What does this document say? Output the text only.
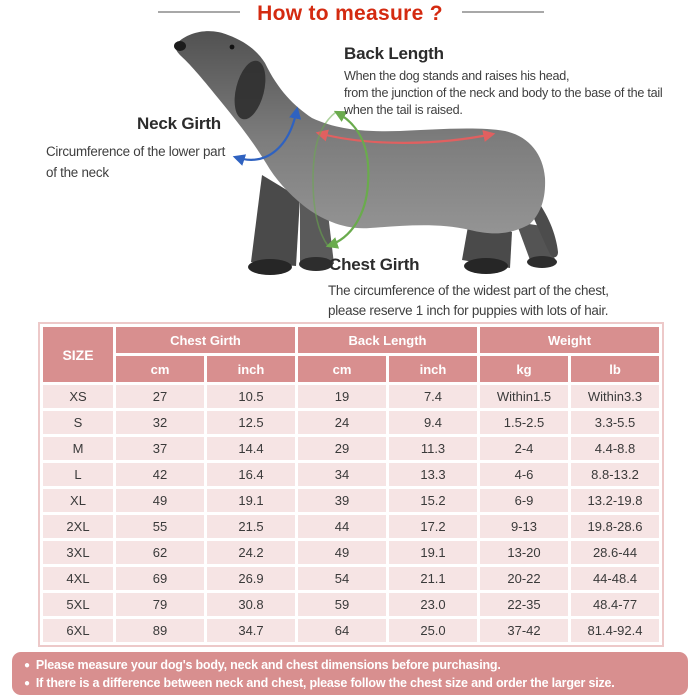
How to measure ?
Back Length
When the dog stands and raises his head,
from the junction of the neck and body to the base of the tail
when the tail is raised.
Neck Girth
Circumference of the lower part
of the neck
Chest Girth
The circumference of the widest part of the chest,
please reserve 1 inch for puppies with lots of hair.
SIZE	Chest Girth		Back Length		Weight	
	cm	inch	cm	inch	kg	lb
XS	27	10.5	19	7.4	Within1.5	Within3.3
S	32	12.5	24	9.4	1.5-2.5	3.3-5.5
M	37	14.4	29	11.3	2-4	4.4-8.8
L	42	16.4	34	13.3	4-6	8.8-13.2
XL	49	19.1	39	15.2	6-9	13.2-19.8
2XL	55	21.5	44	17.2	9-13	19.8-28.6
3XL	62	24.2	49	19.1	13-20	28.6-44
4XL	69	26.9	54	21.1	20-22	44-48.4
5XL	79	30.8	59	23.0	22-35	48.4-77
6XL	89	34.7	64	25.0	37-42	81.4-92.4
● Please measure your dog's body, neck and chest dimensions before purchasing.
● If there is a difference between neck and chest, please follow the chest size and order the larger size.
